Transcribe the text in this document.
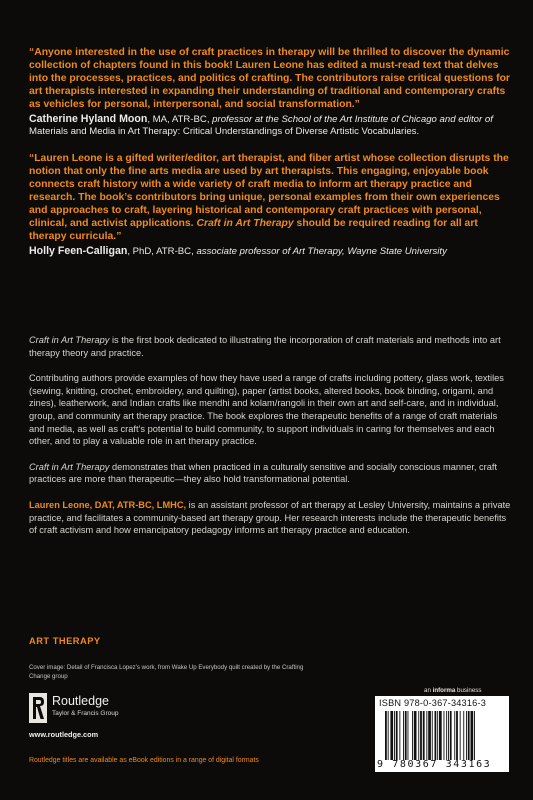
“Anyone interested in the use of craft practices in therapy will be thrilled to discover the dynamic collection of chapters found in this book! Lauren Leone has edited a must-read text that delves into the processes, practices, and politics of crafting. The contributors raise critical questions for art therapists interested in expanding their understanding of traditional and contemporary crafts as vehicles for personal, interpersonal, and social transformation.”

Catherine Hyland Moon, MA, ATR-BC, professor at the School of the Art Institute of Chicago and editor of Materials and Media in Art Therapy: Critical Understandings of Diverse Artistic Vocabularies.

“Lauren Leone is a gifted writer/editor, art therapist, and fiber artist whose collection disrupts the notion that only the fine arts media are used by art therapists. This engaging, enjoyable book connects craft history with a wide variety of craft media to inform art therapy practice and research. The book’s contributors bring unique, personal examples from their own experiences and approaches to craft, layering historical and contemporary craft practices with personal, clinical, and activist applications. Craft in Art Therapy should be required reading for all art therapy curricula.”

Holly Feen-Calligan, PhD, ATR-BC, associate professor of Art Therapy, Wayne State University

Craft in Art Therapy is the first book dedicated to illustrating the incorporation of craft materials and methods into art therapy theory and practice.

Contributing authors provide examples of how they have used a range of crafts including pottery, glass work, textiles (sewing, knitting, crochet, embroidery, and quilting), paper (artist books, altered books, book binding, origami, and zines), leatherwork, and Indian crafts like mendhi and kolam/rangoli in their own art and self-care, and in individual, group, and community art therapy practice. The book explores the therapeutic benefits of a range of craft materials and media, as well as craft’s potential to build community, to support individuals in caring for themselves and each other, and to play a valuable role in art therapy practice.

Craft in Art Therapy demonstrates that when practiced in a culturally sensitive and socially conscious manner, craft practices are more than therapeutic—they also hold transformational potential.

Lauren Leone, DAT, ATR-BC, LMHC, is an assistant professor of art therapy at Lesley University, maintains a private practice, and facilitates a community-based art therapy group. Her research interests include the therapeutic benefits of craft activism and how emancipatory pedagogy informs art therapy practice and education.

ART THERAPY
Cover image: Detail of Francisca Lopez’s work, from Wake Up Everybody quilt created by the Crafting Change group
Routledge
Taylor & Francis Group
www.routledge.com
Routledge titles are available as eBook editions in a range of digital formats
an informa business
ISBN 978-0-367-34316-3
9 780367 343163
